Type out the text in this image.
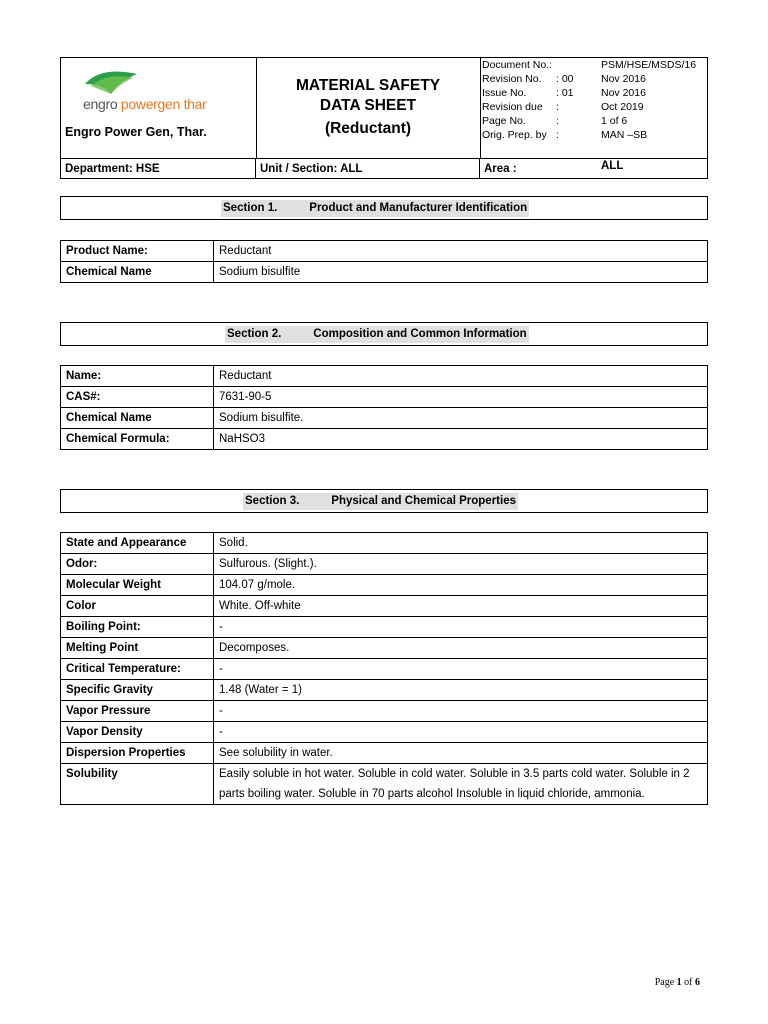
engro powergen thar
Engro Power Gen, Thar.
MATERIAL SAFETY
DATA SHEET
(Reductant)
Document No.:	PSM/HSE/MSDS/16
Revision No. : 00	Nov 2016
Issue No.	: 01	Nov 2016
Revision due :	Oct 2019
Page No.	:	1 of 6
Orig. Prep. by :	MAN –SB
Department: HSE	Unit / Section: ALL	Area :	ALL
Section 1.          Product and Manufacturer Identification
Product Name:	Reductant
Chemical Name	Sodium bisulfite
Section 2.          Composition and Common Information
Name:	Reductant
CAS#:	7631-90-5
Chemical Name	Sodium bisulfite.
Chemical Formula:	NaHSO3
Section 3.          Physical and Chemical Properties
State and Appearance	Solid.
Odor:	Sulfurous. (Slight.).
Molecular Weight	104.07 g/mole.
Color	White. Off-white
Boiling Point:	-
Melting Point	Decomposes.
Critical Temperature:	-
Specific Gravity	1.48 (Water = 1)
Vapor Pressure	-
Vapor Density	-
Dispersion Properties	See solubility in water.
Solubility	Easily soluble in hot water. Soluble in cold water. Soluble in 3.5 parts cold water. Soluble in 2 parts boiling water. Soluble in 70 parts alcohol Insoluble in liquid chloride, ammonia.
Page 1 of 6
